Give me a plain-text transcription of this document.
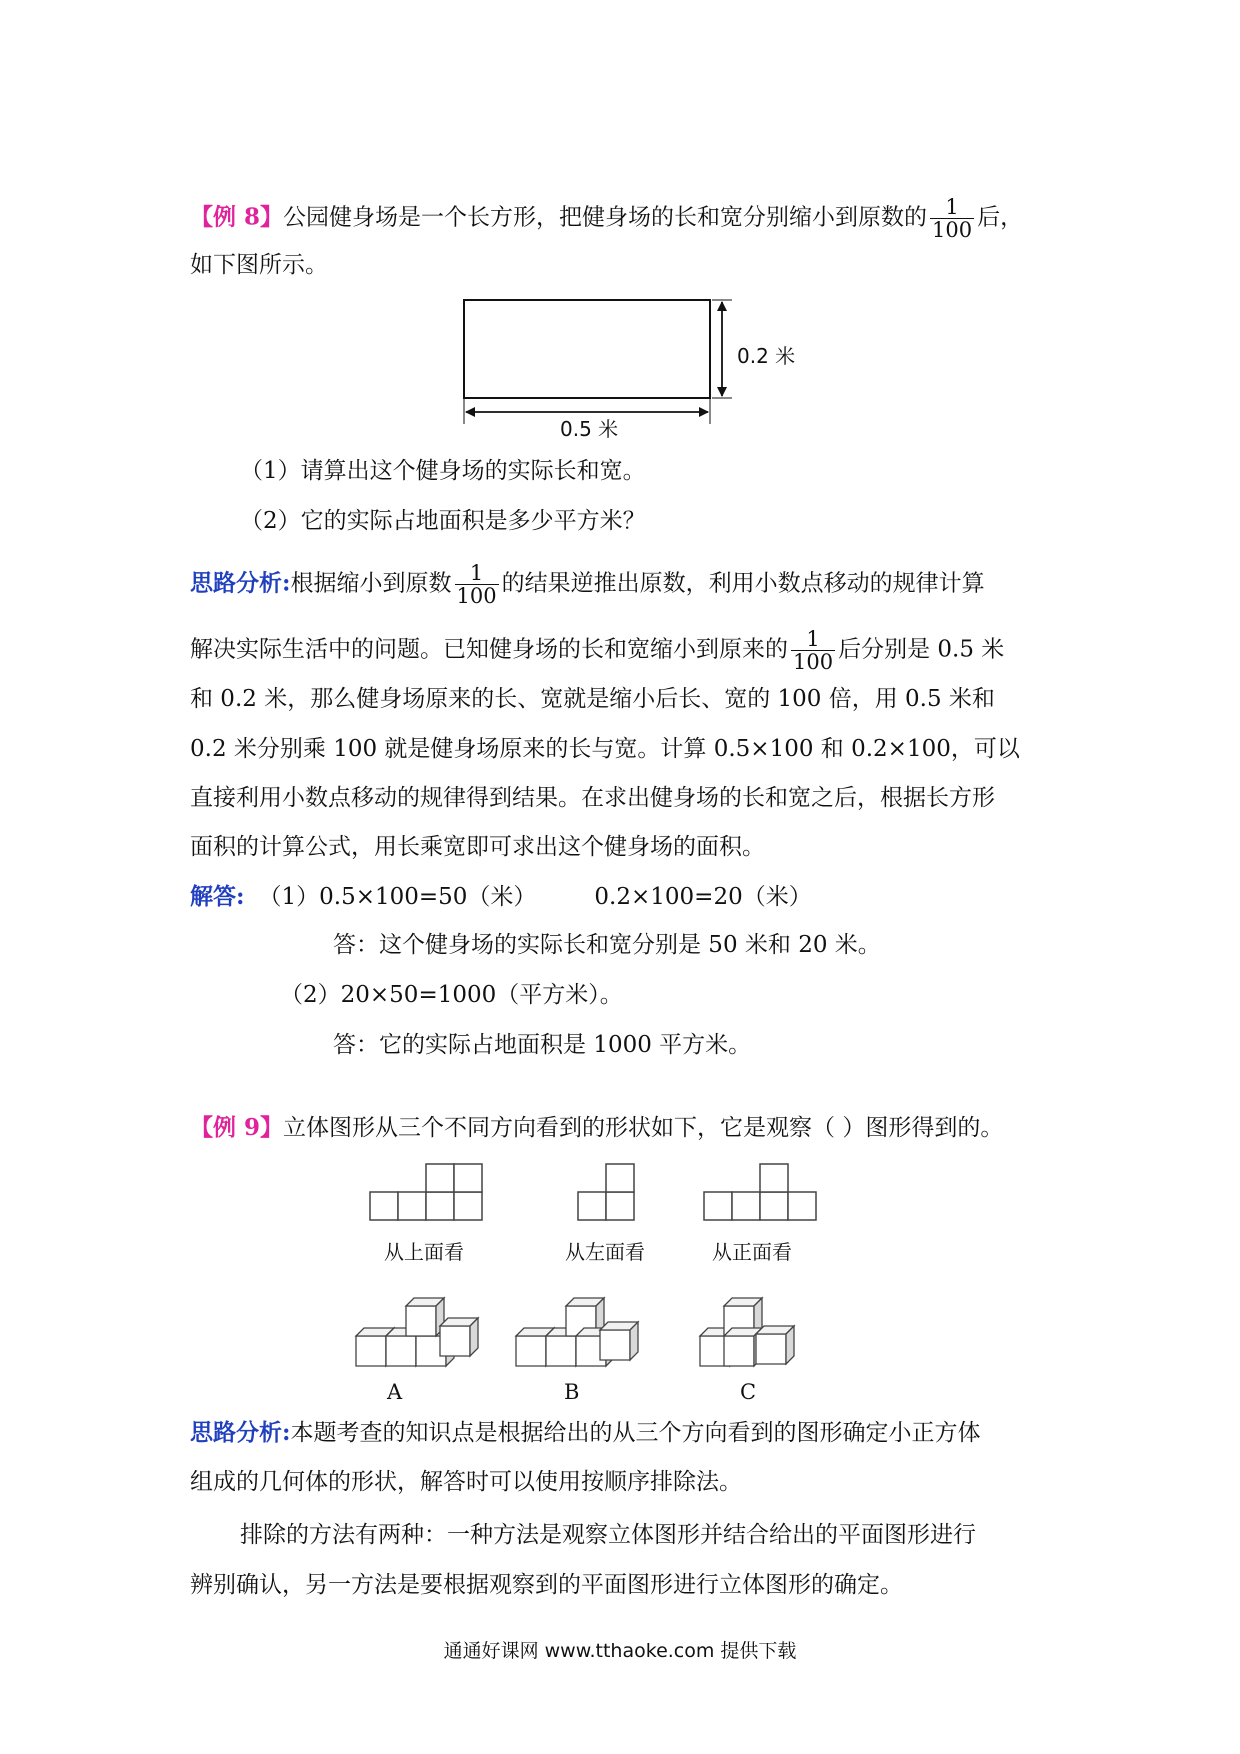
【例 8】公园健身场是一个长方形，把健身场的长和宽分别缩小到原数的 $\frac{1}{100}$ 后，
如下图所示。
0.2 米
0.5 米
（1）请算出这个健身场的实际长和宽。
（2）它的实际占地面积是多少平方米？
思路分析:根据缩小到原数 $\frac{1}{100}$ 的结果逆推出原数，利用小数点移动的规律计算
解决实际生活中的问题。已知健身场的长和宽缩小到原来的 $\frac{1}{100}$ 后分别是 0.5 米
和 0.2 米，那么健身场原来的长、宽就是缩小后长、宽的 100 倍，用 0.5 米和
0.2 米分别乘 100 就是健身场原来的长与宽。计算 0.5×100 和 0.2×100，可以
直接利用小数点移动的规律得到结果。在求出健身场的长和宽之后，根据长方形
面积的计算公式，用长乘宽即可求出这个健身场的面积。
解答: （1）0.5×100=50（米）	0.2×100=20（米）
答：这个健身场的实际长和宽分别是 50 米和 20 米。
（2）20×50=1000（平方米）。
答：它的实际占地面积是 1000 平方米。
【例 9】立体图形从三个不同方向看到的形状如下，它是观察（ ）图形得到的。
从上面看	从左面看	从正面看
A	B	C
思路分析:本题考查的知识点是根据给出的从三个方向看到的图形确定小正方体
组成的几何体的形状，解答时可以使用按顺序排除法。
排除的方法有两种：一种方法是观察立体图形并结合给出的平面图形进行
辨别确认，另一方法是要根据观察到的平面图形进行立体图形的确定。
通通好课网 www.tthaoke.com 提供下载
